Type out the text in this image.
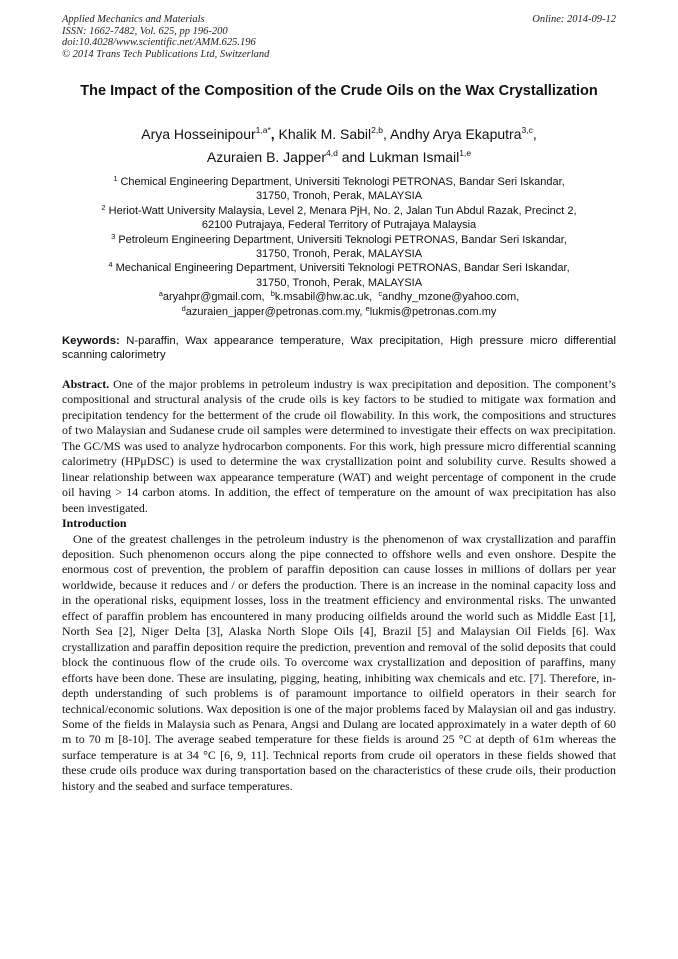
Applied Mechanics and Materials
ISSN: 1662-7482, Vol. 625, pp 196-200
doi:10.4028/www.scientific.net/AMM.625.196
© 2014 Trans Tech Publications Ltd, Switzerland
Online: 2014-09-12
The Impact of the Composition of the Crude Oils on the Wax Crystallization
Arya Hosseinipour$^{1,a*}$, Khalik M. Sabil$^{2,b}$, Andhy Arya Ekaputra$^{3,c}$,
Azuraien B. Japper$^{4,d}$ and Lukman Ismail$^{1,e}$
$^1$ Chemical Engineering Department, Universiti Teknologi PETRONAS, Bandar Seri Iskandar,
31750, Tronoh, Perak, MALAYSIA
$^2$ Heriot-Watt University Malaysia, Level 2, Menara PjH, No. 2, Jalan Tun Abdul Razak, Precinct 2,
62100 Putrajaya, Federal Territory of Putrajaya Malaysia
$^3$ Petroleum Engineering Department, Universiti Teknologi PETRONAS, Bandar Seri Iskandar,
31750, Tronoh, Perak, MALAYSIA
$^4$ Mechanical Engineering Department, Universiti Teknologi PETRONAS, Bandar Seri Iskandar,
31750, Tronoh, Perak, MALAYSIA
$^a$aryahpr@gmail.com, $^b$k.msabil@hw.ac.uk, $^c$andhy_mzone@yahoo.com,
$^d$azuraien_japper@petronas.com.my, $^e$lukmis@petronas.com.my
Keywords: N-paraffin, Wax appearance temperature, Wax precipitation, High pressure micro differential scanning calorimetry

Abstract. One of the major problems in petroleum industry is wax precipitation and deposition. The component’s compositional and structural analysis of the crude oils is key factors to be studied to mitigate wax formation and precipitation tendency for the betterment of the crude oil flowability. In this work, the compositions and structures of two Malaysian and Sudanese crude oil samples were determined to investigate their effects on wax precipitation. The GC/MS was used to analyze hydrocarbon components. For this work, high pressure micro differential scanning calorimetry (HPμDSC) is used to determine the wax crystallization point and solubility curve. Results showed a linear relationship between wax appearance temperature (WAT) and weight percentage of component in the crude oil having > 14 carbon atoms. In addition, the effect of temperature on the amount of wax precipitation has also been investigated.

Introduction

One of the greatest challenges in the petroleum industry is the phenomenon of wax crystallization and paraffin deposition. Such phenomenon occurs along the pipe connected to offshore wells and even onshore. Despite the enormous cost of prevention, the problem of paraffin deposition can cause losses in millions of dollars per year worldwide, because it reduces and / or defers the production. There is an increase in the nominal capacity loss and in the operational risks, equipment losses, loss in the treatment efficiency and environmental risks. The unwanted effect of paraffin problem has encountered in many producing oilfields around the world such as Middle East [1], North Sea [2], Niger Delta [3], Alaska North Slope Oils [4], Brazil [5] and Malaysian Oil Fields [6]. Wax crystallization and paraffin deposition require the prediction, prevention and removal of the solid deposits that could block the continuous flow of the crude oils. To overcome wax crystallization and deposition of paraffins, many efforts have been done. These are insulating, pigging, heating, inhibiting wax chemicals and etc. [7]. Therefore, in-depth understanding of such problems is of paramount importance to oilfield operators in their search for technical/economic solutions. Wax deposition is one of the major problems faced by Malaysian oil and gas industry. Some of the fields in Malaysia such as Penara, Angsi and Dulang are located approximately in a water depth of 60 m to 70 m [8-10]. The average seabed temperature for these fields is around 25 °C at depth of 61m whereas the surface temperature is at 34 °C [6, 9, 11]. Technical reports from crude oil operators in these fields showed that these crude oils produce wax during transportation based on the characteristics of these crude oils, their production history and the seabed and surface temperatures.
